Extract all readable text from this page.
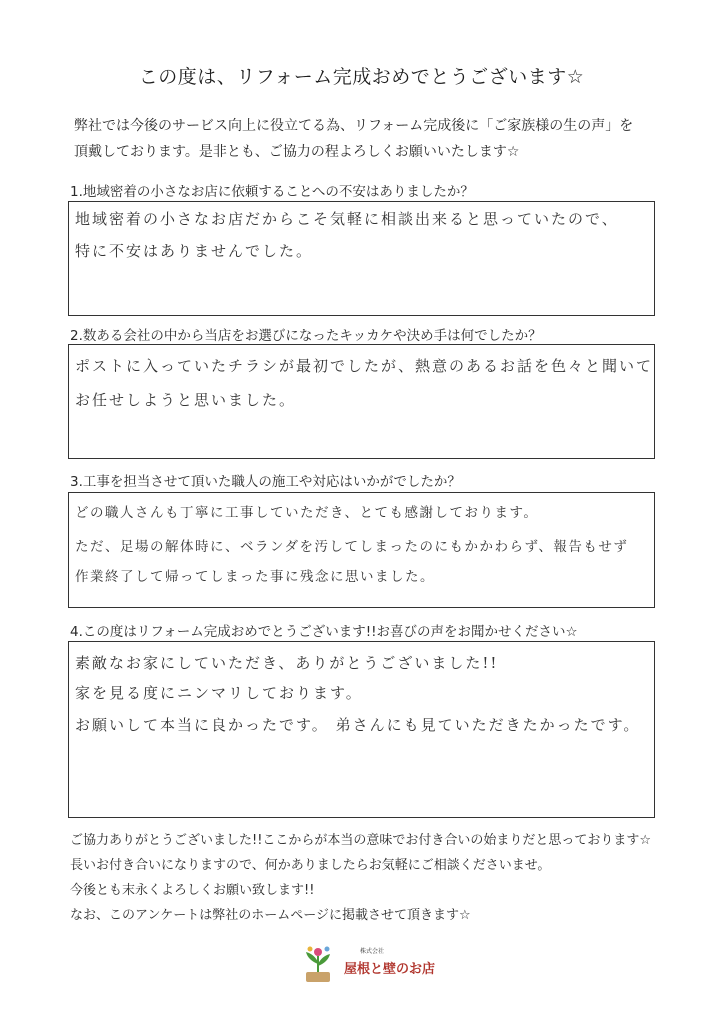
この度は、リフォーム完成おめでとうございます☆
弊社では今後のサービス向上に役立てる為、リフォーム完成後に「ご家族様の生の声」を
頂戴しております。是非とも、ご協力の程よろしくお願いいたします☆
1.地域密着の小さなお店に依頼することへの不安はありましたか？
地域密着の小さなお店だからこそ気軽に相談出来ると思っていたので、
特に不安はありませんでした。
2.数ある会社の中から当店をお選びになったキッカケや決め手は何でしたか？
ポストに入っていたチラシが最初でしたが、熱意のあるお話を色々と聞いて
お任せしようと思いました。
3.工事を担当させて頂いた職人の施工や対応はいかがでしたか？
どの職人さんも丁寧に工事していただき、とても感謝しております。
ただ、足場の解体時に、ベランダを汚してしまったのにもかかわらず、報告もせず
作業終了して帰ってしまった事に残念に思いました。
4.この度はリフォーム完成おめでとうございます!!お喜びの声をお聞かせください☆
素敵なお家にしていただき、ありがとうございました!!
家を見る度にニンマリしております。
お願いして本当に良かったです。 弟さんにも見ていただきたかったです。
ご協力ありがとうございました!!ここからが本当の意味でお付き合いの始まりだと思っております☆
長いお付き合いになりますので、何かありましたらお気軽にご相談くださいませ。
今後とも末永くよろしくお願い致します!!
なお、このアンケートは弊社のホームページに掲載させて頂きます☆
株式会社
屋根と壁のお店
